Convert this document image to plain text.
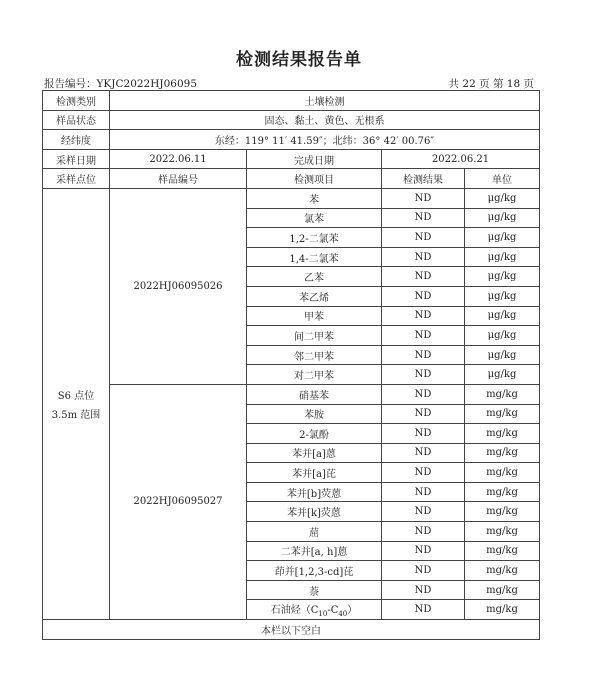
检测结果报告单
报告编号：YKJC2022HJ06095	共 22 页 第 18 页
检测类别	土壤检测			
样品状态	固态、黏土、黄色、无根系			
经纬度	东经：119° 11′ 41.59″；北纬：36° 42′ 00.76″			
采样日期	2022.06.11	完成日期	2022.06.21	
采样点位	样品编号	检测项目	检测结果	单位

S6 点位
3.5m 范围	2022HJ06095026	苯	ND	μg/kg
		氯苯	ND	μg/kg
		1,2-二氯苯	ND	μg/kg
		1,4-二氯苯	ND	μg/kg
		乙苯	ND	μg/kg
		苯乙烯	ND	μg/kg
		甲苯	ND	μg/kg
		间二甲苯	ND	μg/kg
		邻二甲苯	ND	μg/kg
		对二甲苯	ND	μg/kg
	2022HJ06095027	硝基苯	ND	mg/kg
		苯胺	ND	mg/kg
		2-氯酚	ND	mg/kg
		苯并[a]蒽	ND	mg/kg
		苯并[a]芘	ND	mg/kg
		苯并[b]荧蒽	ND	mg/kg
		苯并[k]荧蒽	ND	mg/kg
		䓛	ND	mg/kg
		二苯并[a, h]蒽	ND	mg/kg
		茚并[1,2,3-cd]芘	ND	mg/kg
		萘	ND	mg/kg
		石油烃$(C_{10}-C_{40})$	ND	mg/kg
本栏以下空白				
